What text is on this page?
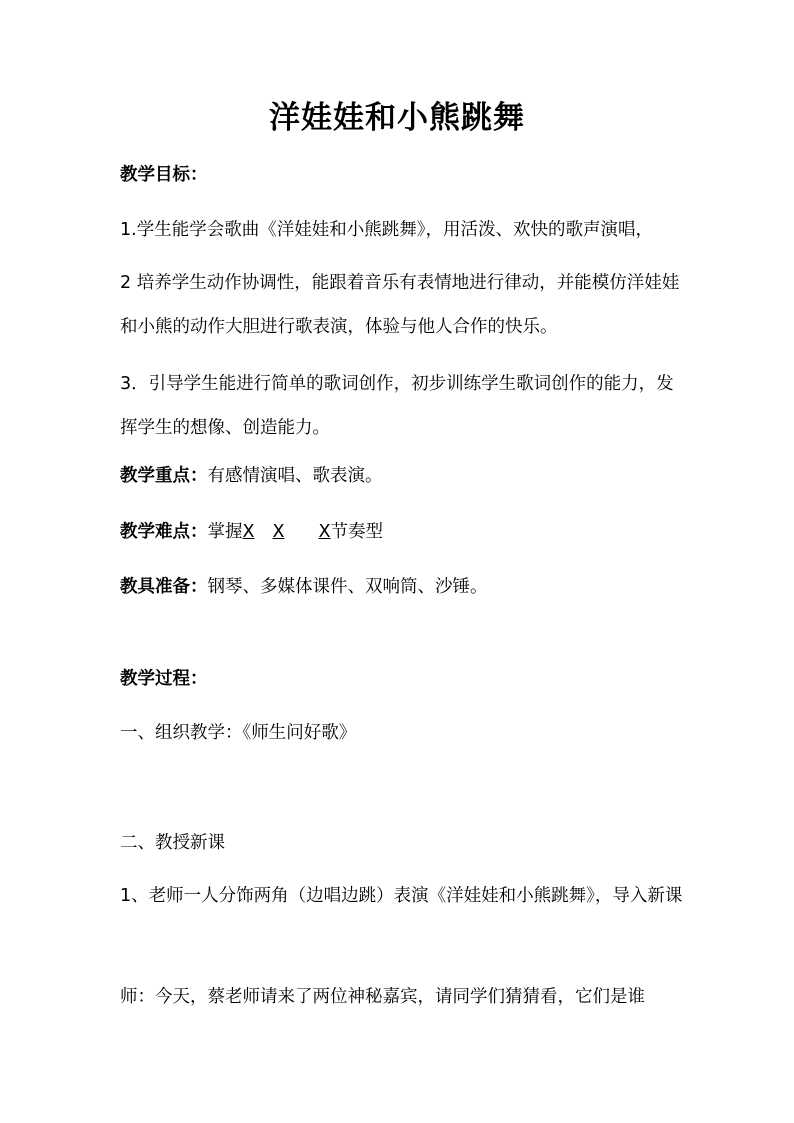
洋娃娃和小熊跳舞
教学目标：
1.学生能学会歌曲《洋娃娃和小熊跳舞》，用活泼、欢快的歌声演唱，
2 培养学生动作协调性，能跟着音乐有表情地进行律动，并能模仿洋娃娃和小熊的动作大胆进行歌表演，体验与他人合作的快乐。
3．引导学生能进行简单的歌词创作，初步训练学生歌词创作的能力，发挥学生的想像、创造能力。
教学重点：有感情演唱、歌表演。
教学难点：掌握X X X节奏型
教具准备：钢琴、多媒体课件、双响筒、沙锤。
教学过程：
一、组织教学：《师生问好歌》
二、教授新课
1、老师一人分饰两角（边唱边跳）表演《洋娃娃和小熊跳舞》，导入新课
师：今天，蔡老师请来了两位神秘嘉宾，请同学们猜猜看，它们是谁
